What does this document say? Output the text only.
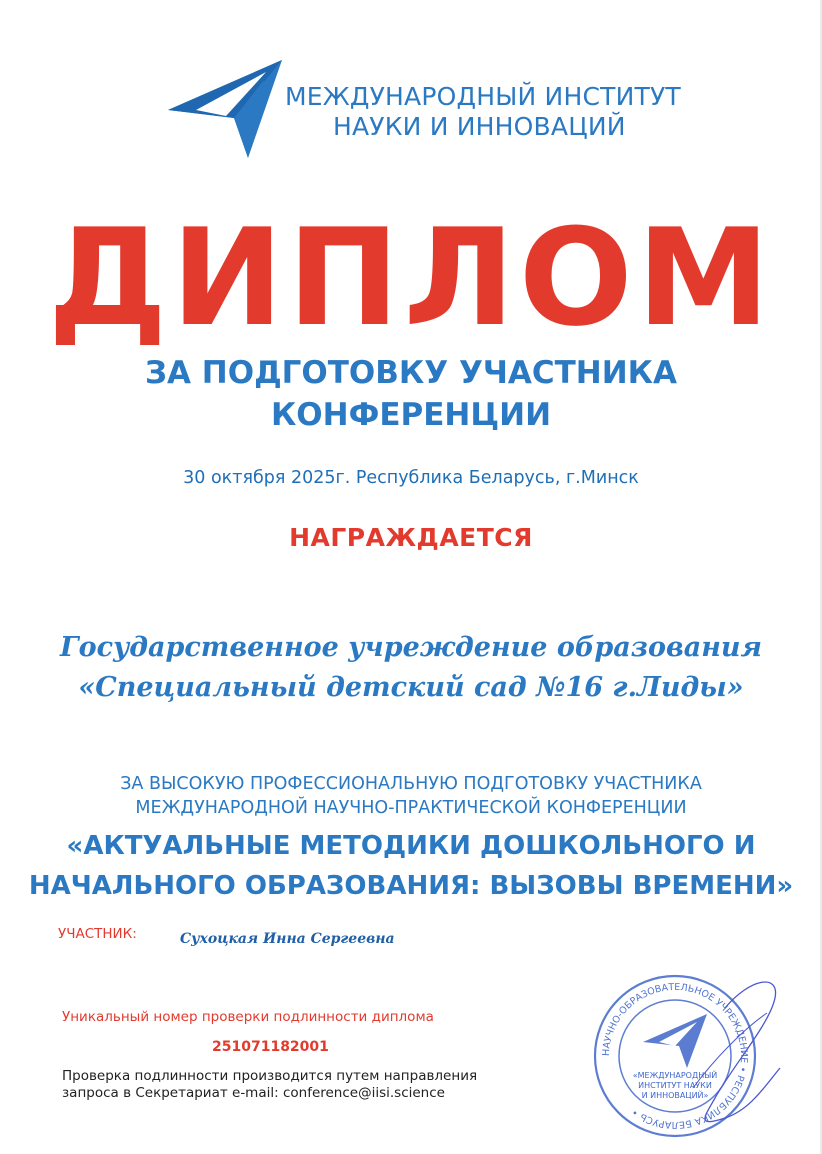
МЕЖДУНАРОДНЫЙ ИНСТИТУТ
НАУКИ И ИННОВАЦИЙ
ДИПЛОМ
ЗА ПОДГОТОВКУ УЧАСТНИКА
КОНФЕРЕНЦИИ
30 октября 2025г. Республика Беларусь, г.Минск
НАГРАЖДАЕТСЯ
Государственное учреждение образования
«Специальный детский сад №16 г.Лиды»
ЗА ВЫСОКУЮ ПРОФЕССИОНАЛЬНУЮ ПОДГОТОВКУ УЧАСТНИКА
МЕЖДУНАРОДНОЙ НАУЧНО-ПРАКТИЧЕСКОЙ КОНФЕРЕНЦИИ
«АКТУАЛЬНЫЕ МЕТОДИКИ ДОШКОЛЬНОГО И
НАЧАЛЬНОГО ОБРАЗОВАНИЯ: ВЫЗОВЫ ВРЕМЕНИ»
УЧАСТНИК:	Сухоцкая Инна Сергеевна
Уникальный номер проверки подлинности диплома
251071182001
Проверка подлинности производится путем направления
запроса в Секретариат e-mail: conference@iisi.science
НАУЧНО-ОБРАЗОВАТЕЛЬНОЕ УЧРЕЖДЕНИЕ • РЕСПУБЛИКА БЕЛАРУСЬ •
«МЕЖДУНАРОДНЫЙ
ИНСТИТУТ НАУКИ
И ИННОВАЦИЙ»
